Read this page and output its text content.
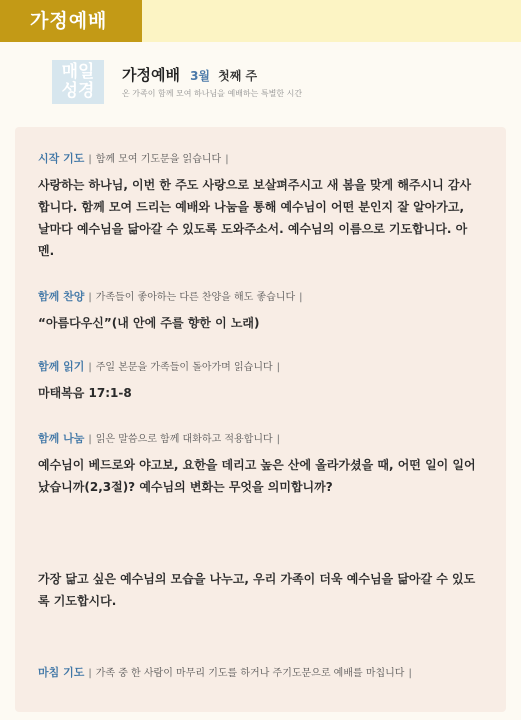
가정예배
매일
성경
가정예배 3월 첫째 주
온 가족이 함께 모여 하나님을 예배하는 특별한 시간
시작 기도 | 함께 모여 기도문을 읽습니다 |
사랑하는 하나님, 이번 한 주도 사랑으로 보살펴주시고 새 봄을 맞게 해주시니 감사합니다. 함께 모여 드리는 예배와 나눔을 통해 예수님이 어떤 분인지 잘 알아가고, 날마다 예수님을 닮아갈 수 있도록 도와주소서. 예수님의 이름으로 기도합니다. 아멘.
함께 찬양 | 가족들이 좋아하는 다른 찬양을 해도 좋습니다 |
“아름다우신”(내 안에 주를 향한 이 노래)
함께 읽기 | 주일 본문을 가족들이 돌아가며 읽습니다 |
마태복음 17:1-8
함께 나눔 | 읽은 말씀으로 함께 대화하고 적용합니다 |
예수님이 베드로와 야고보, 요한을 데리고 높은 산에 올라가셨을 때, 어떤 일이 일어났습니까(2,3절)? 예수님의 변화는 무엇을 의미합니까?
가장 닮고 싶은 예수님의 모습을 나누고, 우리 가족이 더욱 예수님을 닮아갈 수 있도록 기도합시다.
마침 기도 | 가족 중 한 사람이 마무리 기도를 하거나 주기도문으로 예배를 마칩니다 |
